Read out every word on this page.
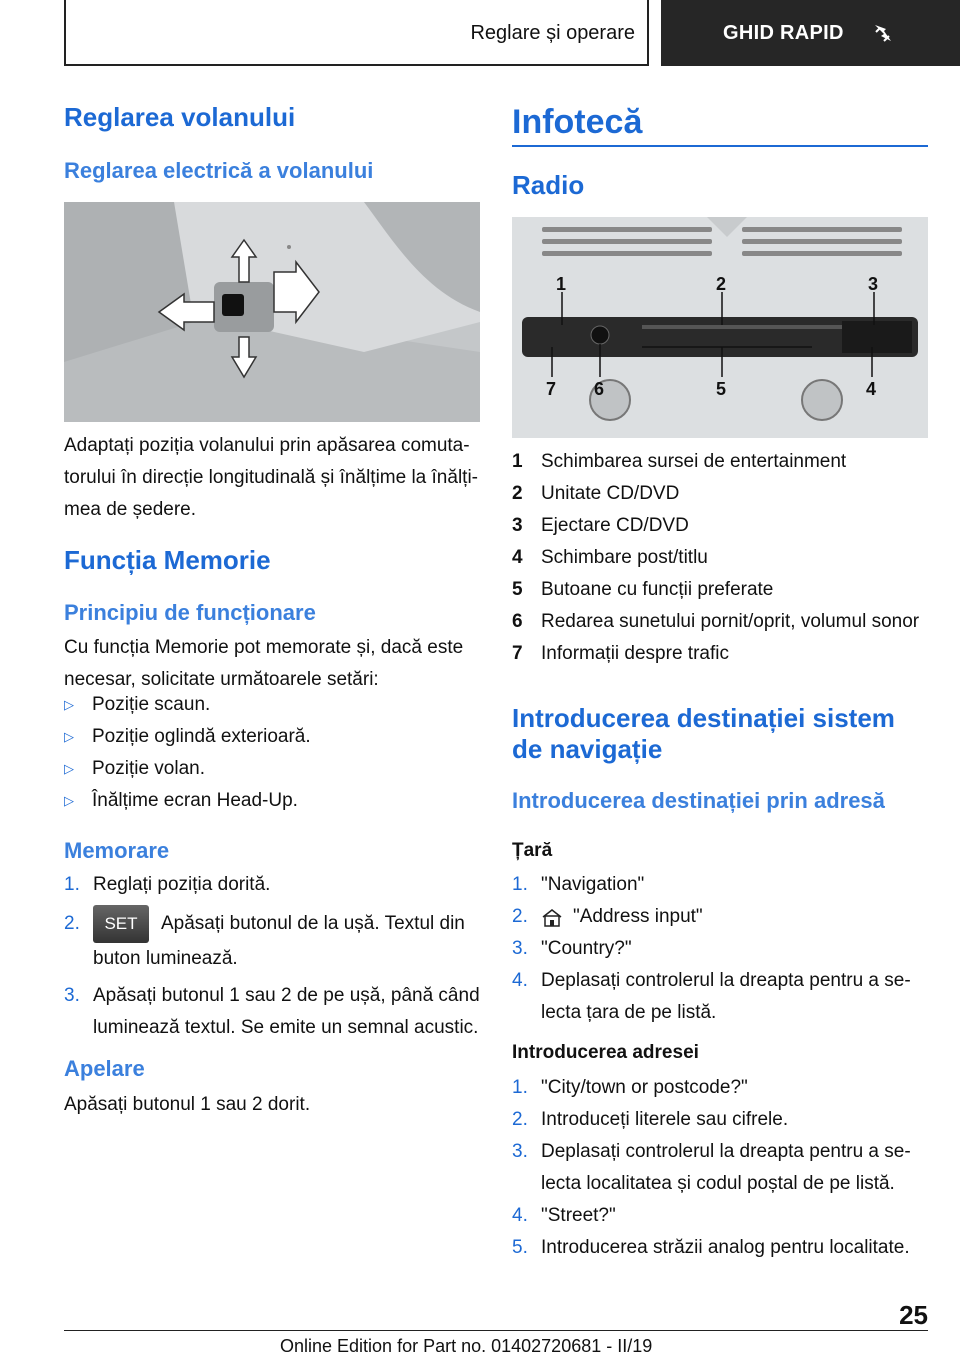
Reglare și operare	GHID RAPID
Reglarea volanului
Reglarea electrică a volanului
Adaptați poziția volanului prin apăsarea comuta-
torului în direcție longitudinală și înălțime la înălți-
mea de ședere.
Funcția Memorie
Principiu de funcționare
Cu funcția Memorie pot memorate și, dacă este
necesar, solicitate următoarele setări:
▷ Poziție scaun.
▷ Poziție oglindă exterioară.
▷ Poziție volan.
▷ Înălțime ecran Head-Up.
Memorare
1. Reglați poziția dorită.
2.	SET	Apăsați butonul de la ușă. Textul din
buton luminează.
3. Apăsați butonul 1 sau 2 de pe ușă, până când
luminează textul. Se emite un semnal acustic.
Apelare
Apăsați butonul 1 sau 2 dorit.
Infotecă
Radio
1	2	3
7 6	5	4
1 Schimbarea sursei de entertainment
2 Unitate CD/DVD
3 Ejectare CD/DVD
4 Schimbare post/titlu
5 Butoane cu funcții preferate
6 Redarea sunetului pornit/oprit, volumul sonor
7 Informații despre trafic
Introducerea destinației sistem
de navigație
Introducerea destinației prin adresă
Țară
1. "Navigation"
2. "Address input"
3. "Country?"
4. Deplasați controlerul la dreapta pentru a se-
lecta țara de pe listă.
Introducerea adresei
1. "City/town or postcode?"
2. Introduceți literele sau cifrele.
3. Deplasați controlerul la dreapta pentru a se-
lecta localitatea și codul poștal de pe listă.
4. "Street?"
5. Introducerea străzii analog pentru localitate.
25
Online Edition for Part no. 01402720681 - II/19
